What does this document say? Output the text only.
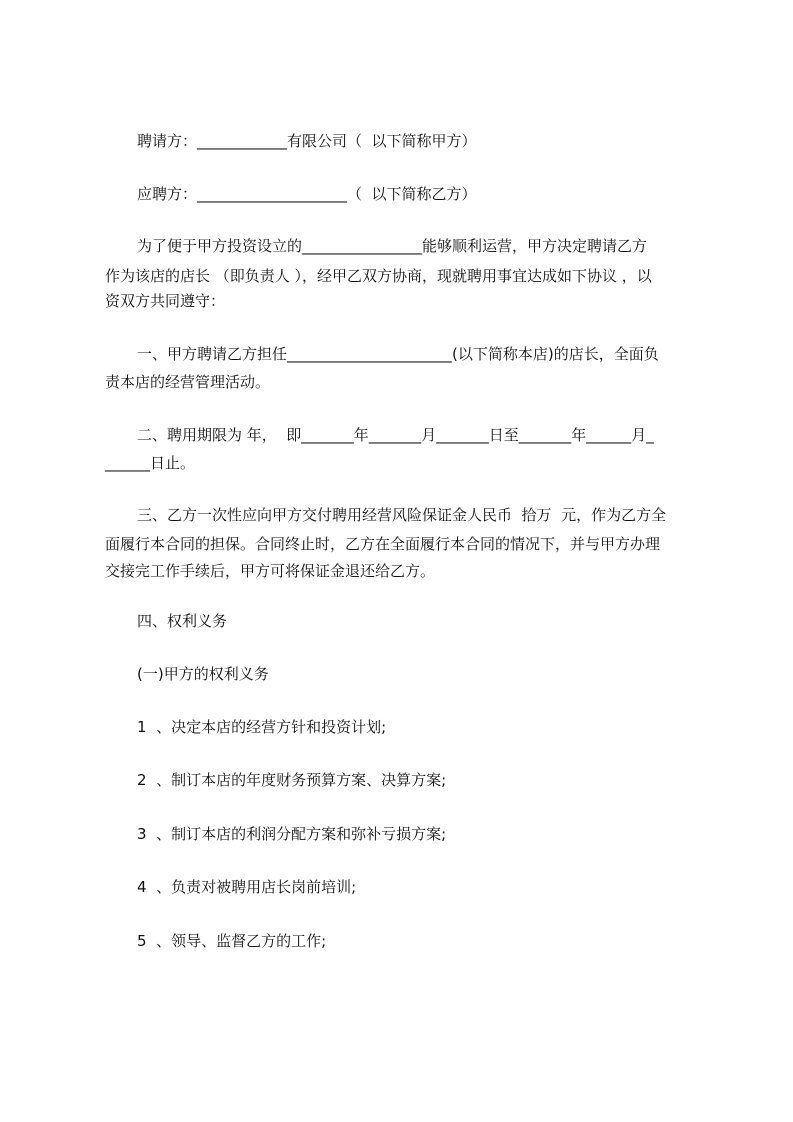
聘请方：____________有限公司（  以下简称甲方）
应聘方：____________________（  以下简称乙方）
为了便于甲方投资设立的________________能够顺利运营，甲方决定聘请乙方
作为该店的店长 （即负责人 ），经甲乙双方协商，现就聘用事宜达成如下协议 ，以
资双方共同遵守：
一、甲方聘请乙方担任______________________(以下简称本店)的店长，全面负
责本店的经营管理活动。
二、聘用期限为 年，  即_______年_______月_______日至_______年______月_
______日止。
三、乙方一次性应向甲方交付聘用经营风险保证金人民币  拾万  元，作为乙方全
面履行本合同的担保。合同终止时，乙方在全面履行本合同的情况下，并与甲方办理
交接完工作手续后，甲方可将保证金退还给乙方。
四、权利义务
(一)甲方的权利义务
1  、决定本店的经营方针和投资计划;
2  、制订本店的年度财务预算方案、决算方案;
3  、制订本店的利润分配方案和弥补亏损方案;
4  、负责对被聘用店长岗前培训;
5  、领导、监督乙方的工作;
